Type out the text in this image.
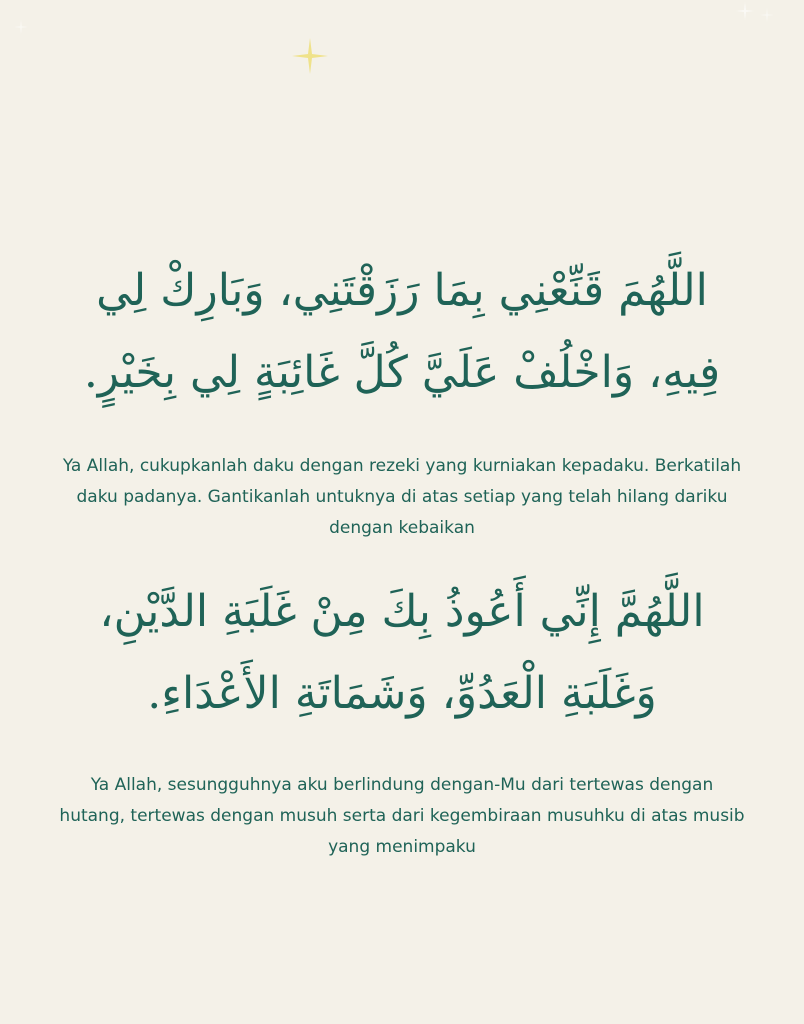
اللَّهُمَ قَنِّعْنِي بِمَا رَزَقْتَنِي، وَبَارِكْ لِي
فِيهِ، وَاخْلُفْ عَلَيَّ كُلَّ غَائِبَةٍ لِي بِخَيْرٍ.
Ya Allah, cukupkanlah daku dengan rezeki yang kurniakan kepadaku. Berkatilah
daku padanya. Gantikanlah untuknya di atas setiap yang telah hilang dariku
dengan kebaikan
اللَّهُمَّ إِنِّي أَعُوذُ بِكَ مِنْ غَلَبَةِ الدَّيْنِ،
وَغَلَبَةِ الْعَدُوِّ، وَشَمَاتَةِ الأَعْدَاءِ.
Ya Allah, sesungguhnya aku berlindung dengan-Mu dari tertewas dengan
hutang, tertewas dengan musuh serta dari kegembiraan musuhku di atas musib
yang menimpaku
